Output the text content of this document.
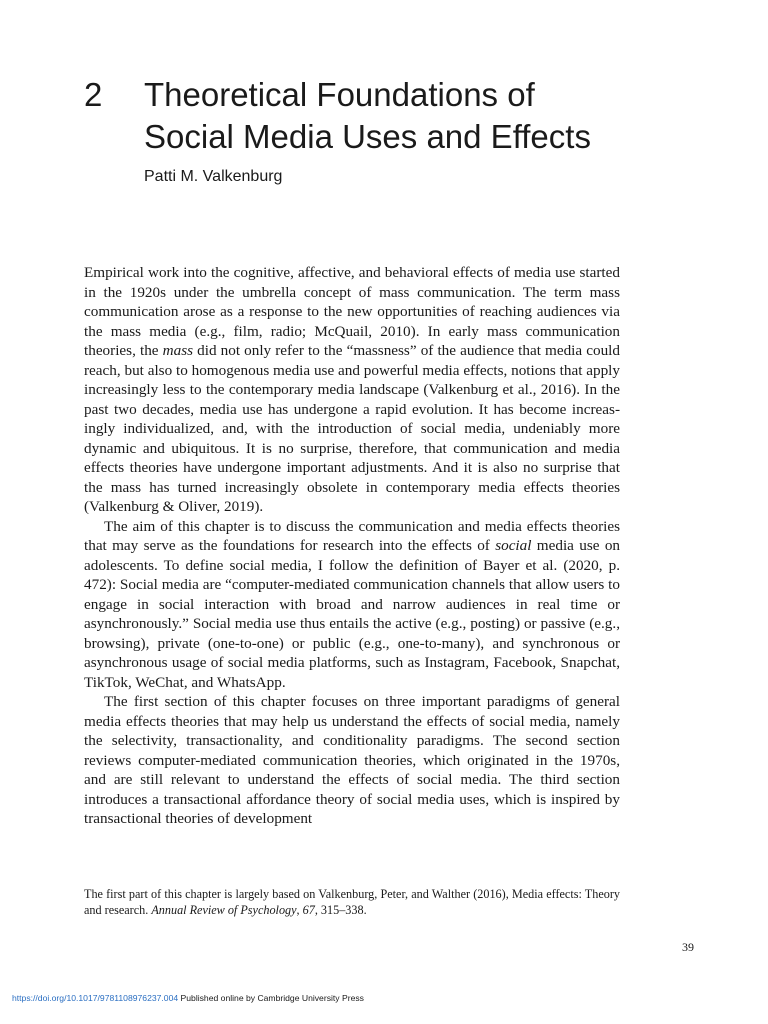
2 Theoretical Foundations of
Social Media Uses and Effects
Patti M. Valkenburg

Empirical work into the cognitive, affective, and behavioral effects of media use started in the 1920s under the umbrella concept of mass communication. The term mass communication arose as a response to the new opportunities of reaching audiences via the mass media (e.g., film, radio; McQuail, 2010). In early mass communication theories, the mass did not only refer to the “massness” of the audience that media could reach, but also to homogenous media use and powerful media effects, notions that apply increasingly less to the contemporary media landscape (Valkenburg et al., 2016). In the past two decades, media use has undergone a rapid evolution. It has become increasingly individualized, and, with the introduction of social media, undeniably more dynamic and ubiquitous. It is no surprise, therefore, that communication and media effects theories have undergone important adjustments. And it is also no surprise that the mass has turned increasingly obsolete in contemporary media effects theories (Valkenburg & Oliver, 2019).

The aim of this chapter is to discuss the communication and media effects theories that may serve as the foundations for research into the effects of social media use on adolescents. To define social media, I follow the definition of Bayer et al. (2020, p. 472): Social media are “computer-mediated communication channels that allow users to engage in social interaction with broad and narrow audiences in real time or asynchronously.” Social media use thus entails the active (e.g., posting) or passive (e.g., browsing), private (one-to-one) or public (e.g., one-to-many), and synchronous or asynchronous usage of social media platforms, such as Instagram, Facebook, Snapchat, TikTok, WeChat, and WhatsApp.

The first section of this chapter focuses on three important paradigms of general media effects theories that may help us understand the effects of social media, namely the selectivity, transactionality, and conditionality paradigms. The second section reviews computer-mediated communication theories, which originated in the 1970s, and are still relevant to understand the effects of social media. The third section introduces a transactional affordance theory of social media uses, which is inspired by transactional theories of development

The first part of this chapter is largely based on Valkenburg, Peter, and Walther (2016), Media effects: Theory and research. Annual Review of Psychology, 67, 315–338.
39
https://doi.org/10.1017/9781108976237.004 Published online by Cambridge University Press
